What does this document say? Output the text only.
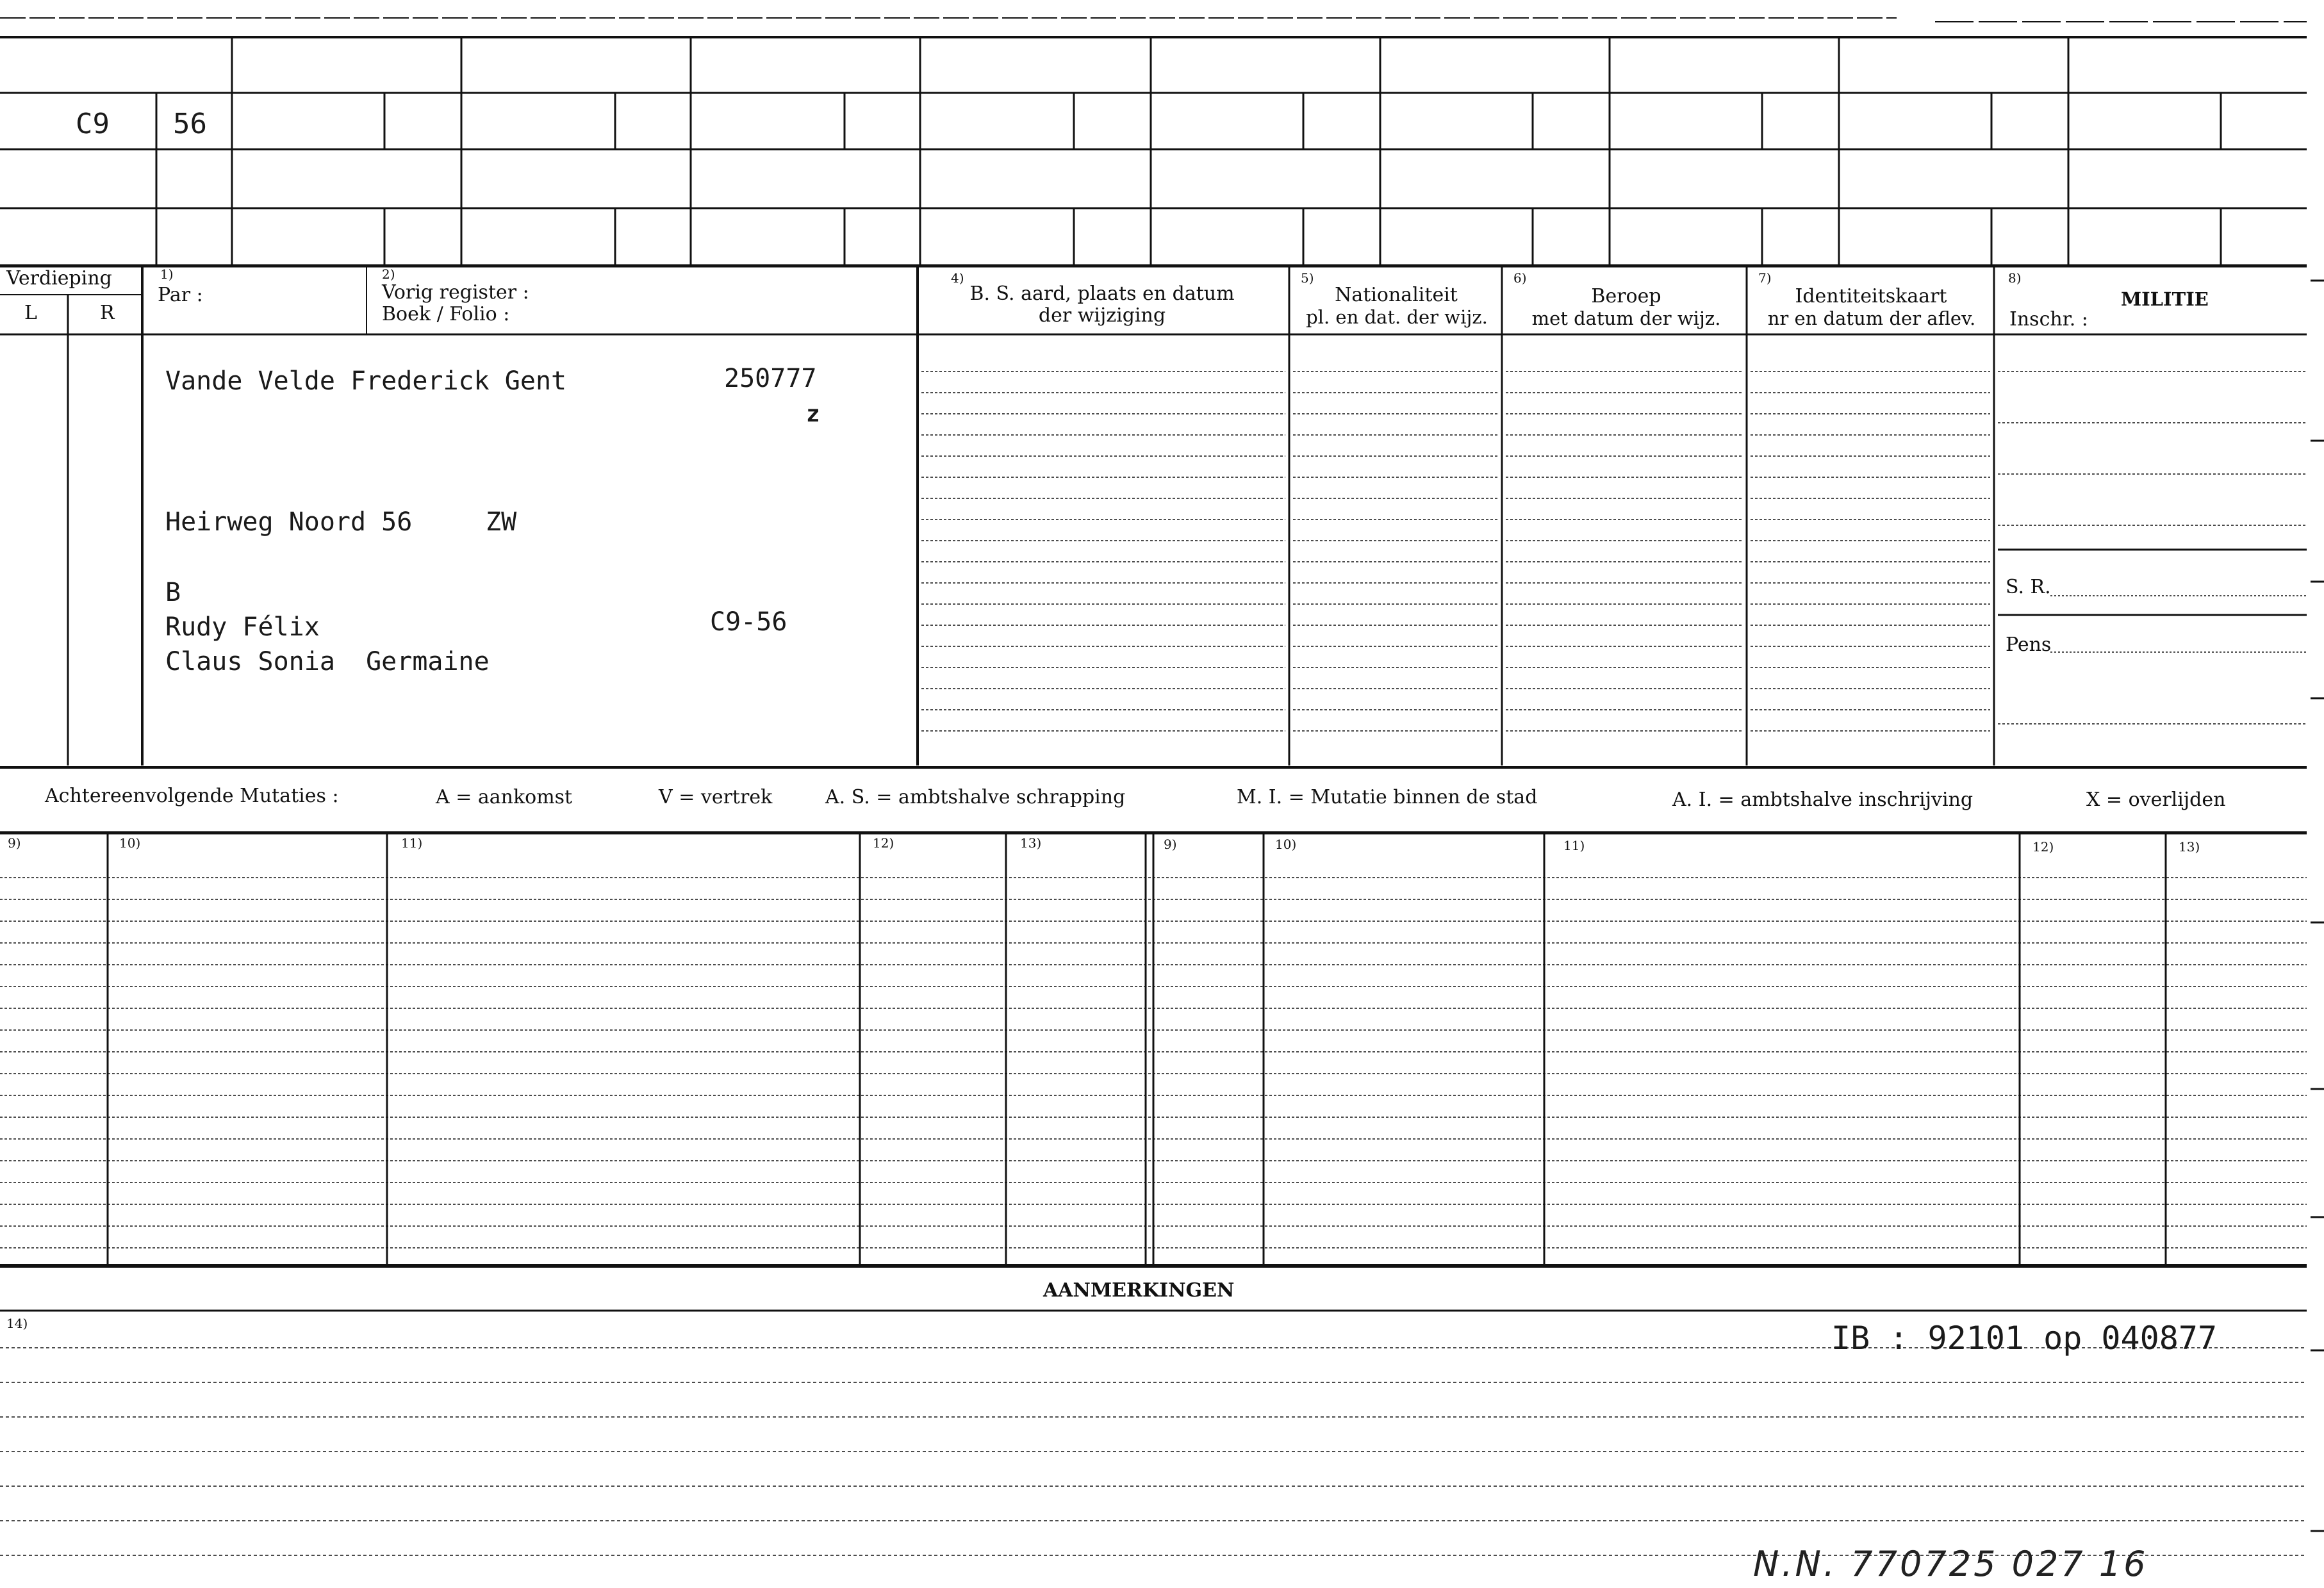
C9 56
Verdieping
L	R
1)
Par :
2)
Vorig register :
Boek / Folio :
4)
B. S. aard, plaats en datum
der wijziging
5)
Nationaliteit
pl. en dat. der wijz.
6)
Beroep
met datum der wijz.
7)
Identiteitskaart
nr en datum der aflev.
8)
MILITIE
Inschr. :
S. R.
Pens
Vande Velde Frederick Gent	250777
z
Heirweg Noord 56	ZW
B
Rudy Félix	C9-56
Claus Sonia  Germaine
Achtereenvolgende Mutaties :	A = aankomst	V = vertrek	A. S. = ambtshalve schrapping	M. I. = Mutatie binnen de stad	A. I. = ambtshalve inschrijving	X = overlijden
9)	10)	11)	12)	13)	9)	10)	11)	12)	13)
AANMERKINGEN
14)	IB : 92101 op 040877
N.N. 770725 027 16
